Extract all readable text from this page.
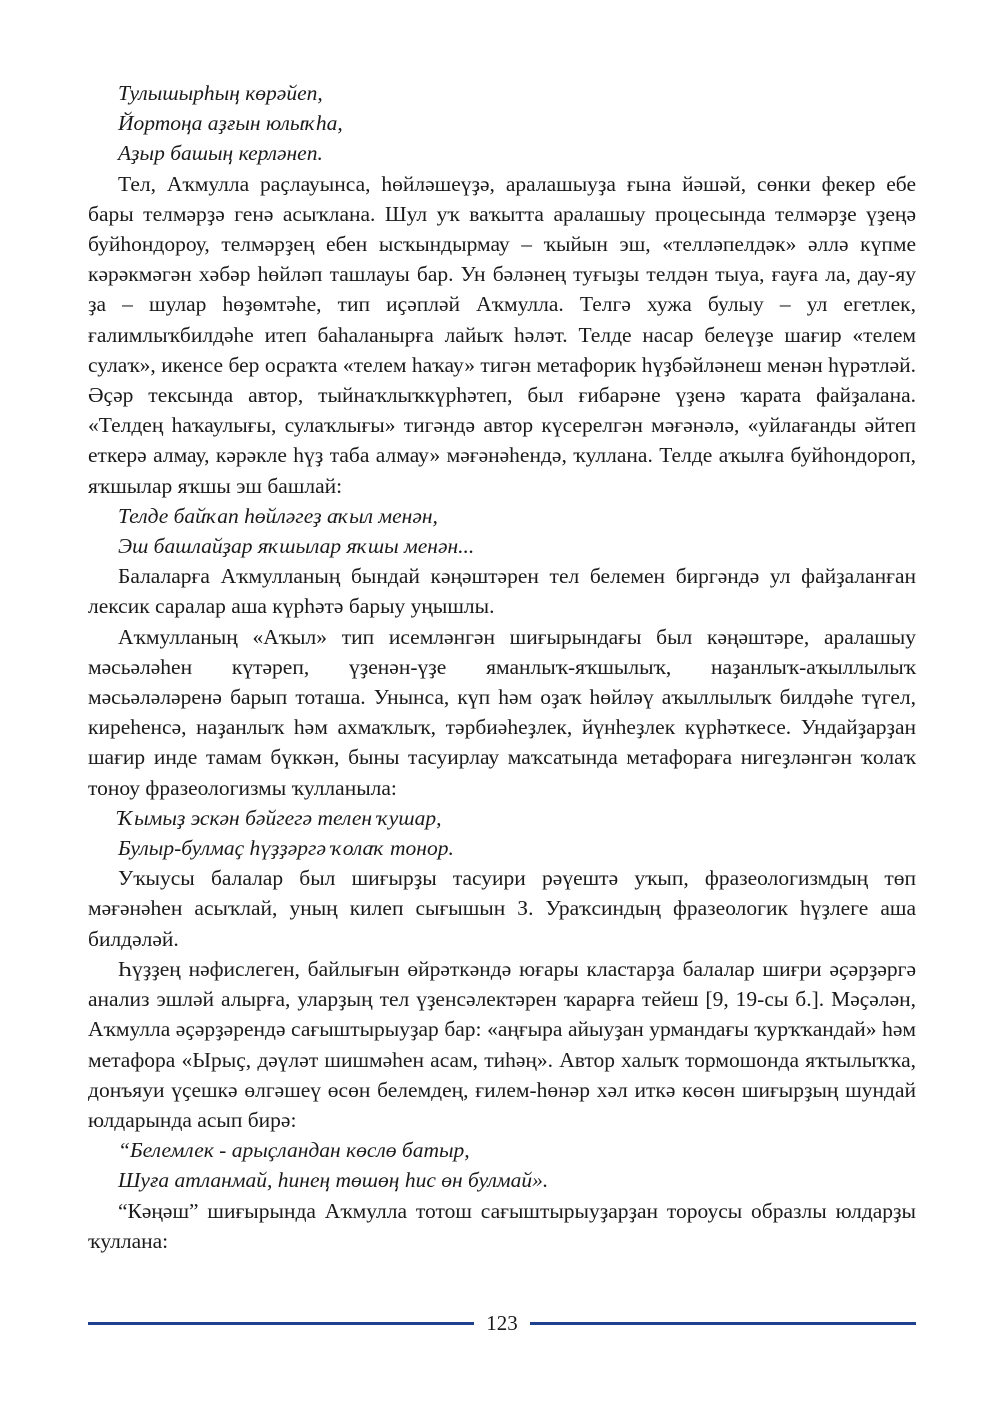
Тулышырһың көрәйеп,

Йортоңа аҙғын юлыҡһа,

Аҙыр башың керләнеп.

Тел, Аҡмулла раҫлауынса, һөйләшеүҙә, аралашыуҙа ғына йәшәй, сөнки фекер ебе бары телмәрҙә генә асыҡлана. Шул уҡ ваҡытта аралашыу процесында телмәрҙе үҙеңә буйһондороу, телмәрҙең ебен ысҡындырмау – ҡыйын эш, «телләпелдәк» әллә күпме кәрәкмәгән хәбәр һөйләп ташлауы бар. Ун бәләнең туғыҙы телдән тыуа, ғауға ла, дау-яу ҙа – шулар һөҙөмтәһе, тип иҫәпләй Аҡмулла. Телгә хужа булыу – ул егетлек, ғалимлыҡбилдәһе итеп баһаланырға лайыҡ һәләт. Телде насар белеүҙе шағир «телем сулаҡ», икенсе бер осраҡта «телем һаҡау» тигән метафорик һүҙбәйләнеш менән һүрәтләй. Әҫәр тексында автор, тыйнаҡлыҡкүрһәтеп, был ғибарәне үҙенә ҡарата файҙалана. «Телдең һаҡаулығы, сулаҡлығы» тигәндә автор күсерелгән мәғәнәлә, «уйлағанды әйтеп еткерә алмау, кәрәкле һүҙ таба алмау» мәғәнәһендә, ҡуллана. Телде аҡылға буйһондороп, яҡшылар яҡшы эш башлай:

Телде байҡап һөйләгеҙ аҡыл менән,

Эш башлайҙар яҡшылар яҡшы менән...

Балаларға Аҡмулланың бындай кәңәштәрен тел белемен биргәндә ул файҙаланған лексик саралар аша күрһәтә барыу уңышлы.

Аҡмулланың «Аҡыл» тип исемләнгән шиғырындағы был кәңәштәре, аралашыу мәсьәләһен күтәреп, үҙенән-үҙе яманлыҡ-яҡшылыҡ, наҙанлыҡ-аҡыллылыҡ мәсьәләләренә барып тоташа. Унынса, күп һәм оҙаҡ һөйләү аҡыллылыҡ билдәһе түгел, киреһенсә, наҙанлыҡ һәм ахмаҡлыҡ, тәрбиәһеҙлек, йүнһеҙлек күрһәткесе. Ундайҙарҙан шағир инде тамам бүккән, быны тасуирлау маҡсатында метафораға нигеҙләнгән ҡолаҡ тоноу фразеологизмы ҡулланыла:

Ҡымыҙ эскән бәйгегә телен ҡушар,

Булыр-булмаҫ һүҙҙәргә ҡолаҡ тонор.

Уҡыусы балалар был шиғырҙы тасуири рәүештә уҡып, фразеологизмдың төп мәғәнәһен асыҡлай, уның килеп сығышын З. Ураҡсиндың фразеологик һүҙлеге аша билдәләй.

Һүҙҙең нәфислеген, байлығын өйрәткәндә юғары кластарҙа балалар шиғри әҫәрҙәргә анализ эшләй алырға, уларҙың тел үҙенсәлектәрен ҡарарға тейеш [9, 19-сы б.]. Мәҫәлән, Аҡмулла әҫәрҙәрендә сағыштырыуҙар бар: «аңғыра айыуҙан урмандағы ҡурҡҡандай» һәм метафора «Ырыҫ, дәүләт шишмәһен асам, тиһәң». Автор халыҡ тормошонда яҡтылыҡҡа, донъяуи үҫешкә өлгәшеү өсөн белемдең, ғилем-һөнәр хәл иткә көсөн шиғырҙың шундай юлдарында асып бирә:

“Белемлек - арыҫландан көслө батыр,

Шуға атланмай, һинең төшөң һис өн булмай».

“Кәңәш” шиғырында Аҡмулла тотош сағыштырыуҙарҙан тороусы образлы юлдарҙы ҡуллана:

123
